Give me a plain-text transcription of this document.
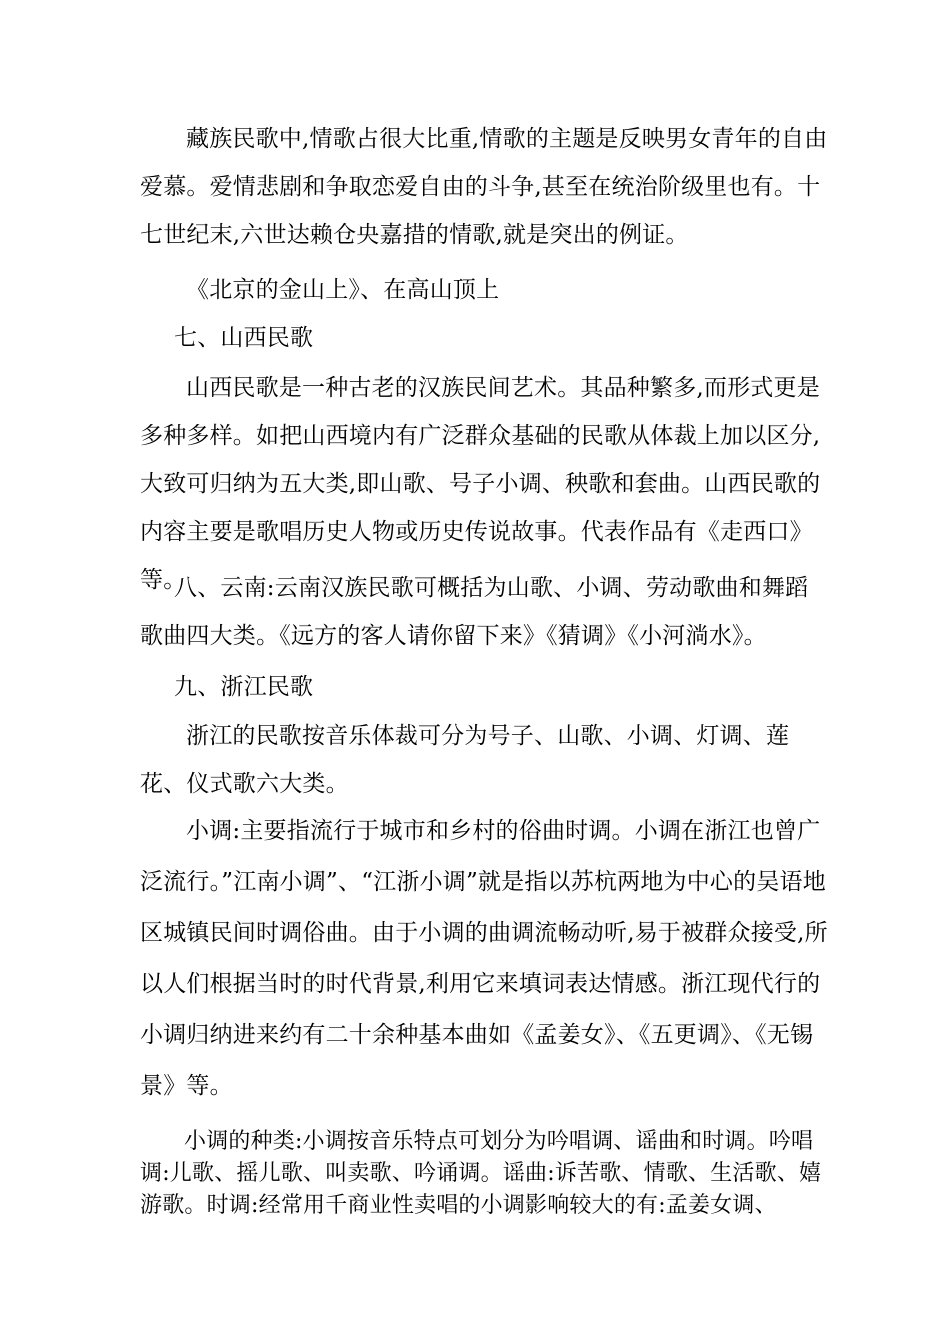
藏族民歌中,情歌占很大比重,情歌的主题是反映男女青年的自由爱慕。爱情悲剧和争取恋爱自由的斗争,甚至在统治阶级里也有。十七世纪末,六世达赖仓央嘉措的情歌,就是突出的例证。

《北京的金山上》、在高山顶上

七、山西民歌

山西民歌是一种古老的汉族民间艺术。其品种繁多,而形式更是多种多样。如把山西境内有广泛群众基础的民歌从体裁上加以区分,大致可归纳为五大类,即山歌、号子小调、秧歌和套曲。山西民歌的内容主要是歌唱历史人物或历史传说故事。代表作品有《走西口》等。

八、云南:云南汉族民歌可概括为山歌、小调、劳动歌曲和舞蹈歌曲四大类。《远方的客人请你留下来》《猜调》《小河淌水》。

九、浙江民歌

浙江的民歌按音乐体裁可分为号子、山歌、小调、灯调、莲花、仪式歌六大类。

小调:主要指流行于城市和乡村的俗曲时调。小调在浙江也曾广泛流行。”江南小调”、“江浙小调”就是指以苏杭两地为中心的吴语地区城镇民间时调俗曲。由于小调的曲调流畅动听,易于被群众接受,所以人们根据当时的时代背景,利用它来填词表达情感。浙江现代行的小调归纳进来约有二十余种基本曲如《孟姜女》、《五更调》、《无锡景》等。

小调的种类:小调按音乐特点可划分为吟唱调、谣曲和时调。吟唱调:儿歌、摇儿歌、叫卖歌、吟诵调。谣曲:诉苦歌、情歌、生活歌、嬉游歌。时调:经常用千商业性卖唱的小调影响较大的有:孟姜女调、
